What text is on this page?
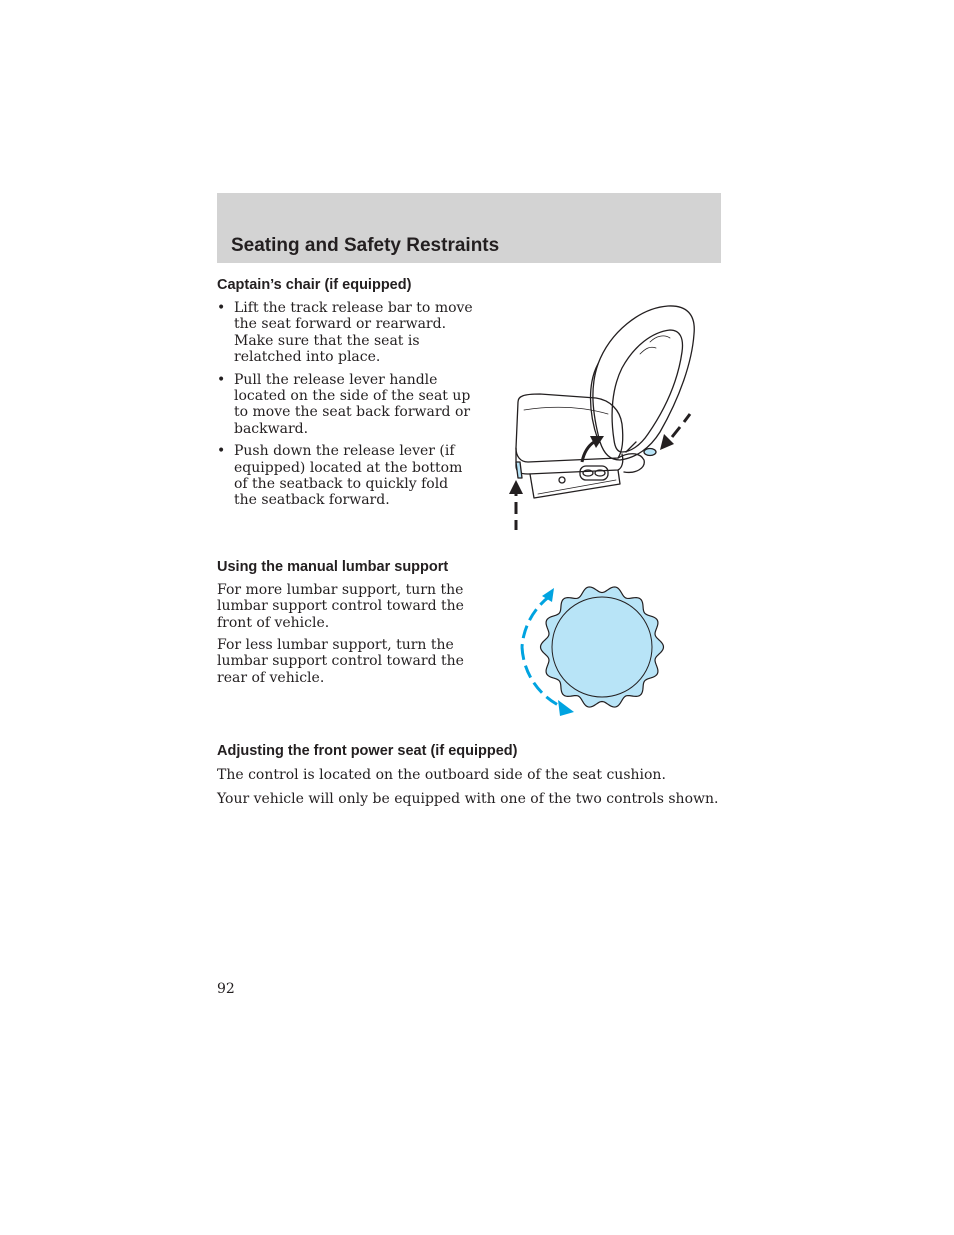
Seating and Safety Restraints
Captain’s chair (if equipped)
• Lift the track release bar to move the seat forward or rearward. Make sure that the seat is relatched into place.
• Pull the release lever handle located on the side of the seat up to move the seat back forward or backward.
• Push down the release lever (if equipped) located at the bottom of the seatback to quickly fold the seatback forward.
Using the manual lumbar support

For more lumbar support, turn the lumbar support control toward the front of vehicle.

For less lumbar support, turn the lumbar support control toward the rear of vehicle.

Adjusting the front power seat (if equipped)

The control is located on the outboard side of the seat cushion.

Your vehicle will only be equipped with one of the two controls shown.

92
